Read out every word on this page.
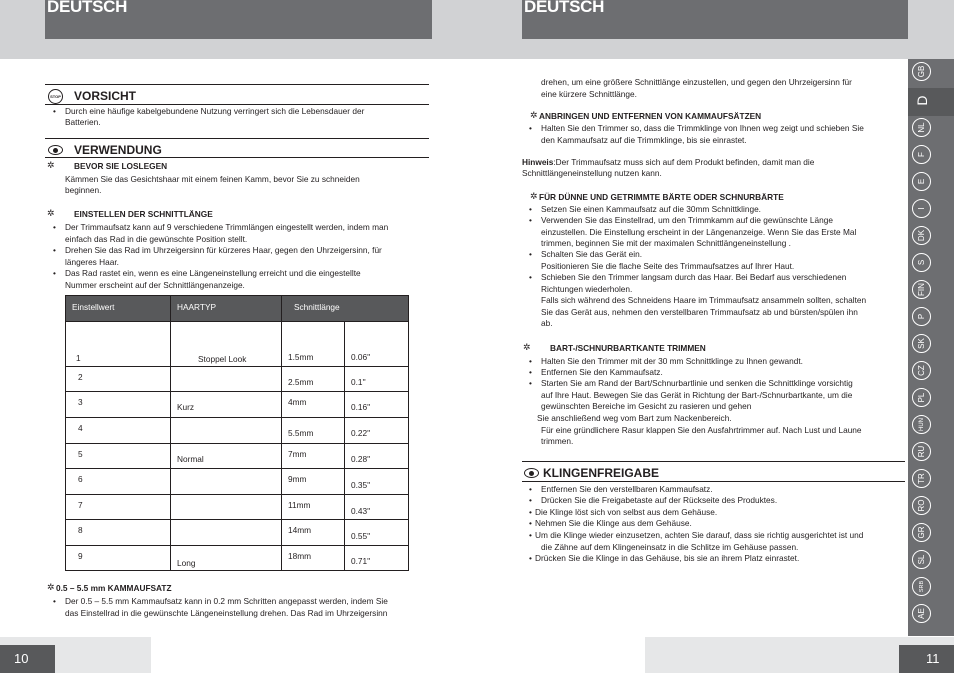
DEUTSCH	DEUTSCH
10	11
STOP VORSICHT
• Durch eine häufige kabelgebundene Nutzung verringert sich die Lebensdauer der
Batterien.
VERWENDUNG
✲ BEVOR SIE LOSLEGEN
Kämmen Sie das Gesichtshaar mit einem feinen Kamm, bevor Sie zu schneiden
beginnen.
✲ EINSTELLEN DER SCHNITTLÄNGE
• Der Trimmaufsatz kann auf 9 verschiedene Trimmlängen eingestellt werden, indem man
einfach das Rad in die gewünschte Position stellt.
• Drehen Sie das Rad im Uhrzeigersinn für kürzeres Haar, gegen den Uhrzeigersinn, für
längeres Haar.
• Das Rad rastet ein, wenn es eine Längeneinstellung erreicht und die eingestellte
Nummer erscheint auf der Schnittlängenanzeige.
Einstellwert	HAARTYP	Schnittlänge	

1	Stoppel Look	1.5mm	0.06''

2		2.5mm	0.1''

3	Kurz	4mm	0.16''

4		5.5mm	0.22''

5	Normal	7mm	0.28''

6		9mm	0.35''

7		11mm	0.43''

8		14mm	0.55''

9	Long	18mm	0.71''
✲ 0.5 – 5.5 mm KAMMAUFSATZ
• Der 0.5 – 5.5 mm Kammaufsatz kann in 0.2 mm Schritten angepasst werden, indem Sie
das Einstellrad in die gewünschte Längeneinstellung drehen. Das Rad im Uhrzeigersinn
drehen, um eine größere Schnittlänge einzustellen, und gegen den Uhrzeigersinn für
eine kürzere Schnittlänge.
✲ ANBRINGEN UND ENTFERNEN VON KAMMAUFSÄTZEN
• Halten Sie den Trimmer so, dass die Trimmklinge von Ihnen weg zeigt und schieben Sie
den Kammaufsatz auf die Trimmklinge, bis sie einrastet.
Hinweis:Der Trimmaufsatz muss sich auf dem Produkt befinden, damit man die
Schnittlängeneinstellung nutzen kann.
✲ FÜR DÜNNE UND GETRIMMTE BÄRTE ODER SCHNURBÄRTE
• Setzen Sie einen Kammaufsatz auf die 30mm Schnittklinge.
• Verwenden Sie das Einstellrad, um den Trimmkamm auf die gewünschte Länge
einzustellen. Die Einstellung erscheint in der Längenanzeige. Wenn Sie das Erste Mal
trimmen, beginnen Sie mit der maximalen Schnittlängeneinstellung .
• Schalten Sie das Gerät ein.
Positionieren Sie die flache Seite des Trimmaufsatzes auf Ihrer Haut.
• Schieben Sie den Trimmer langsam durch das Haar. Bei Bedarf aus verschiedenen
Richtungen wiederholen.
Falls sich während des Schneidens Haare im Trimmaufsatz ansammeln sollten, schalten
Sie das Gerät aus, nehmen den verstellbaren Trimmaufsatz ab und bürsten/spülen ihn
ab.
✲ BART-/SCHNURBARTKANTE TRIMMEN
• Halten Sie den Trimmer mit der 30 mm Schnittklinge zu Ihnen gewandt.
• Entfernen Sie den Kammaufsatz.
• Starten Sie am Rand der Bart/Schnurbartlinie und senken die Schnittklinge vorsichtig
auf Ihre Haut. Bewegen Sie das Gerät in Richtung der Bart-/Schnurbartkante, um die
gewünschten Bereiche im Gesicht zu rasieren und gehen
Sie anschließend weg vom Bart zum Nackenbereich.
Für eine gründlichere Rasur klappen Sie den Ausfahrtrimmer auf. Nach Lust und Laune
trimmen.
KLINGENFREIGABE
• Entfernen Sie den verstellbaren Kammaufsatz.
• Drücken Sie die Freigabetaste auf der Rückseite des Produktes.
• Die Klinge löst sich von selbst aus dem Gehäuse.
• Nehmen Sie die Klinge aus dem Gehäuse.
• Um die Klinge wieder einzusetzen, achten Sie darauf, dass sie richtig ausgerichtet ist und
die Zähne auf dem Klingeneinsatz in die Schlitze im Gehäuse passen.
• Drücken Sie die Klinge in das Gehäuse, bis sie an ihrem Platz einrastet.
GB
D
NL
F
E
I
DK
S
FIN
P
SK
CZ
PL
HUN
RU
TR
RO
GR
SL
SRB
AE
